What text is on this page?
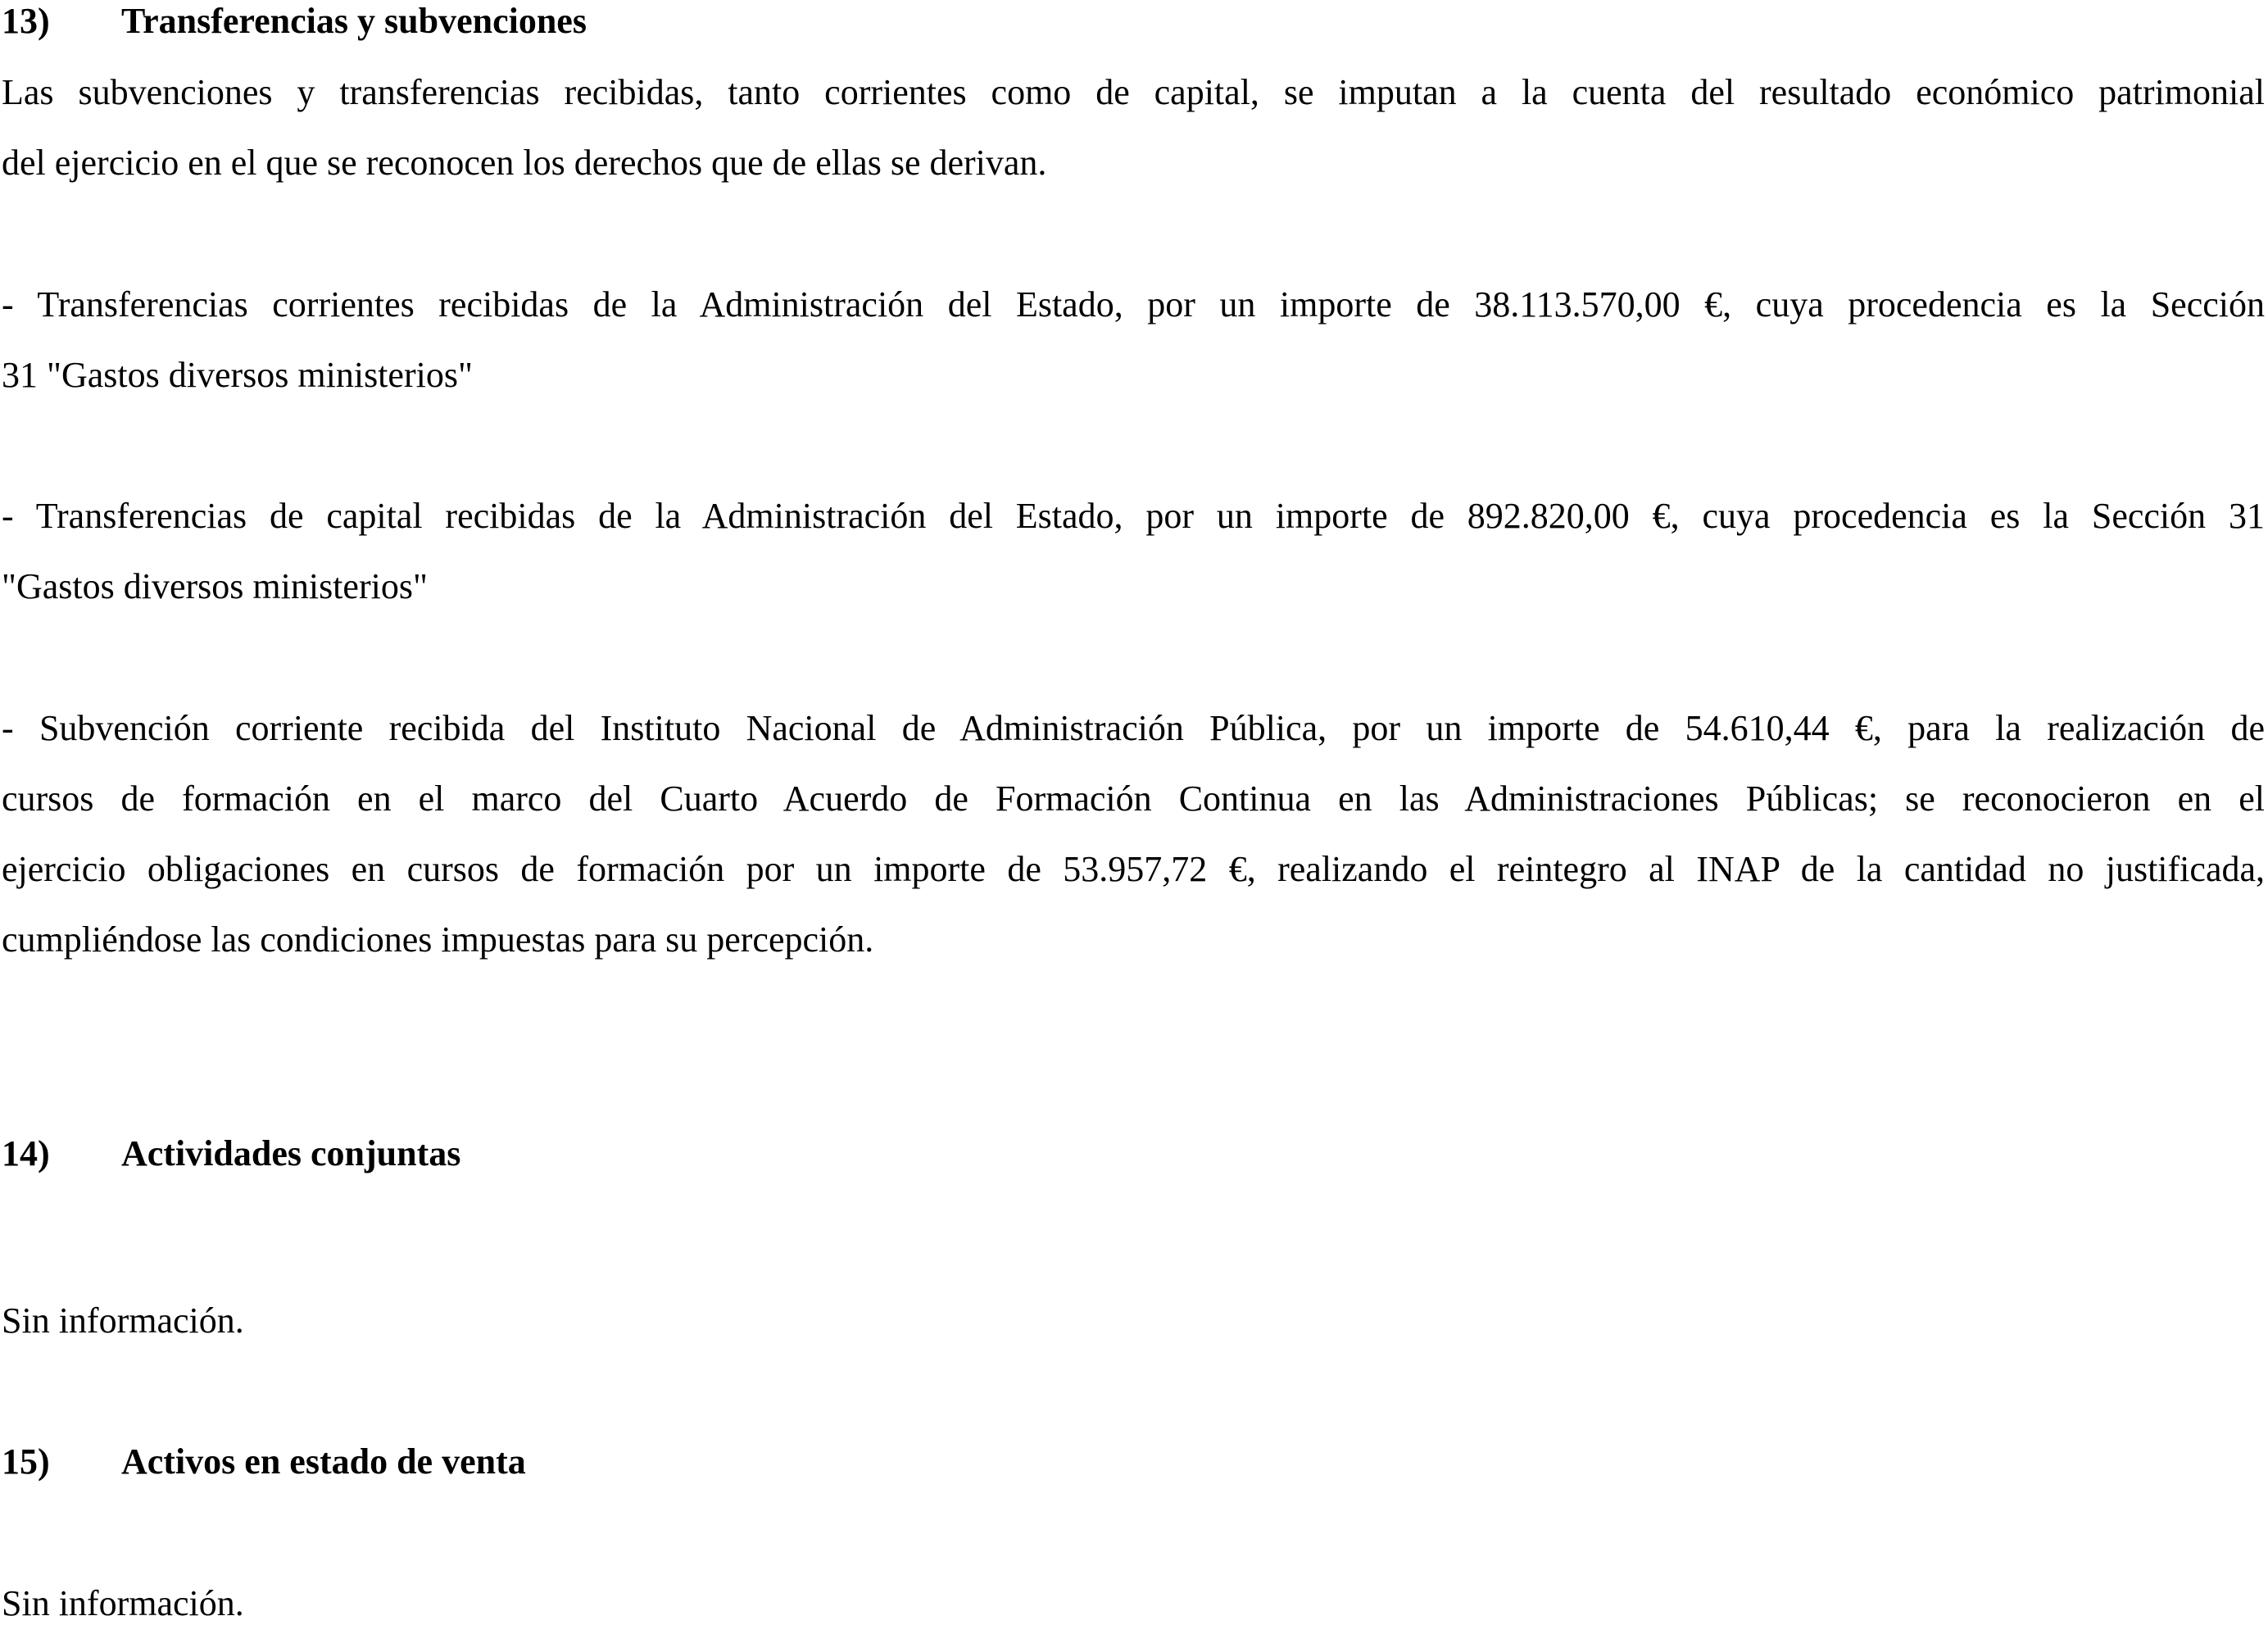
13) Transferencias y subvenciones
Las subvenciones y transferencias recibidas, tanto corrientes como de capital, se imputan a la cuenta del resultado económico patrimonial
del ejercicio en el que se reconocen los derechos que de ellas se derivan.
- Transferencias corrientes recibidas de la Administración del Estado, por un importe de 38.113.570,00 €, cuya procedencia es la Sección
31 "Gastos diversos ministerios"
- Transferencias de capital recibidas de la Administración del Estado, por un importe de 892.820,00 €, cuya procedencia es la Sección 31
"Gastos diversos ministerios"
- Subvención corriente recibida del Instituto Nacional de Administración Pública, por un importe de 54.610,44 €, para la realización de
cursos de formación en el marco del Cuarto Acuerdo de Formación Continua en las Administraciones Públicas; se reconocieron en el
ejercicio obligaciones en cursos de formación por un importe de 53.957,72 €, realizando el reintegro al INAP de la cantidad no justificada,
cumpliéndose las condiciones impuestas para su percepción.
14) Actividades conjuntas
Sin información.
15) Activos en estado de venta
Sin información.
